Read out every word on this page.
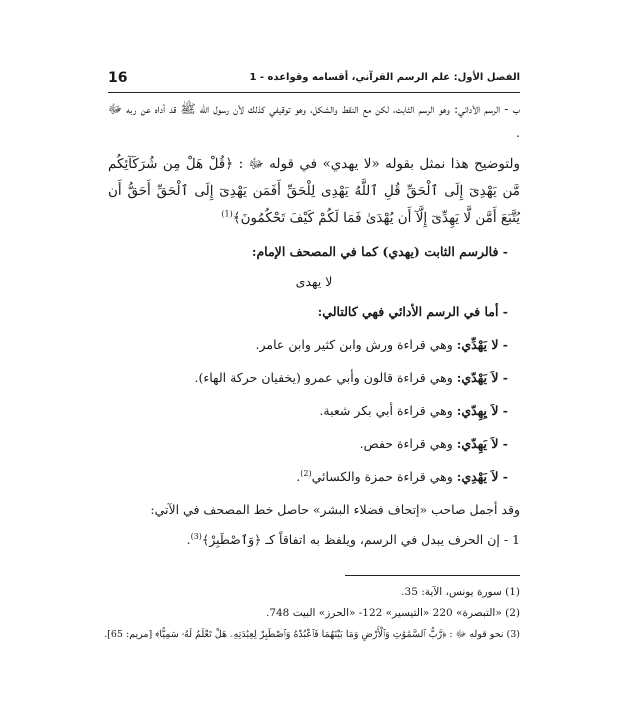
16	الفصل الأول: علم الرسم القرآني، أقسامه وقواعده - 1

ب - الرسم الأدائي: وهو الرسم الثابت، لكن مع النقط والشكل، وهو توقيفي كذلك لأن رسول الله ﷺ قد أداه عن ربه ﷻ .

ولتوضيح هذا نمثل بقوله «لا يهدي» في قوله ﷻ : ﴿قُلْ هَلْ مِن شُرَكَآئِكُم مَّن يَهْدِىٓ إِلَى ٱلْحَقِّ قُلِ ٱللَّهُ يَهْدِى لِلْحَقِّ أَفَمَن يَهْدِىٓ إِلَى ٱلْحَقِّ أَحَقُّ أَن يُتَّبَعَ أَمَّن لَّا يَهِدِّىٓ إِلَّآ أَن يُهْدَىٰ فَمَا لَكُمْ كَيْفَ تَحْكُمُونَ﴾$^{(1)}$

- فالرسم الثابت (يهدي) كما في المصحف الإمام:

لا يهدى

- أما في الرسم الأدائي فهي كالتالي:

- لا يَهْدِّي: وهي قراءة ورش وابن كثير وابن عامر.

- لاَ يَهْدّي: وهي قراءة قالون وأبي عمرو (يخفيان حركة الهاء).

- لاَ يِهِدّي: وهي قراءة أبي بكر شعبة.

- لاَ يَهِدّي: وهي قراءة حفص.

- لاَ يَهْدِي: وهي قراءة حمزة والكسائي$^{(2)}$.

وقد أجمل صاحب «إتحاف فضلاء البشر» حاصل خط المصحف في الآتي:

1 - إن الحرف يبدل في الرسم، ويلفظ به اتفاقاً كـ ﴿وَٱصْطَبِرْ﴾$^{(3)}$.

(1) سورة يونس، الآية: 35.

(2) «التبصرة» 220 «التيسير» 122- «الحرز» البيت 748.

(3) نحو قوله ﷻ : ﴿رَّبُّ ٱلسَّمَٰوَٰتِ وَٱلْأَرْضِ وَمَا بَيْنَهُمَا فَٱعْبُدْهُ وَٱصْطَبِرْ لِعِبَٰدَتِهِۦ هَلْ تَعْلَمُ لَهُۥ سَمِيًّا﴾ [مريم: 65].
